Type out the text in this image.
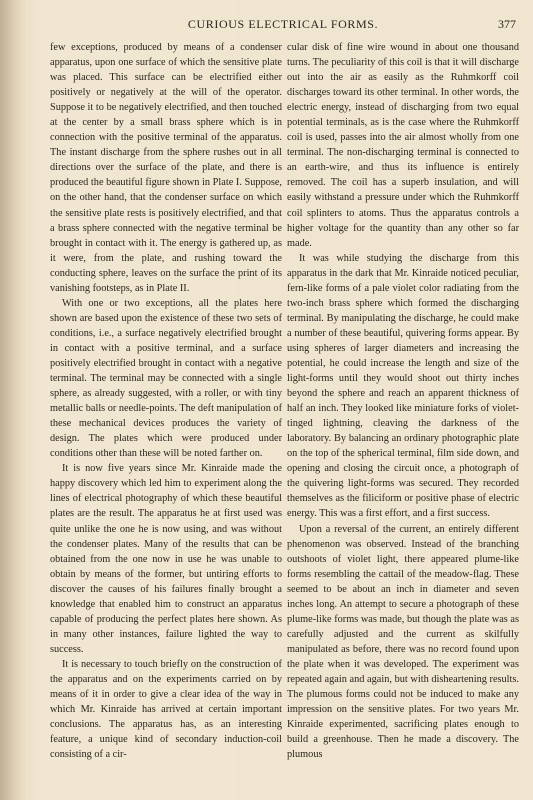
CURIOUS ELECTRICAL FORMS.	377

few exceptions, produced by means of a condenser apparatus, upon one surface of which the sensitive plate was placed. This surface can be electrified either positively or negatively at the will of the operator. Suppose it to be negatively electrified, and then touched at the center by a small brass sphere which is in connection with the positive terminal of the apparatus. The instant discharge from the sphere rushes out in all directions over the surface of the plate, and there is produced the beautiful figure shown in Plate I. Suppose, on the other hand, that the condenser surface on which the sensitive plate rests is positively electrified, and that a brass sphere connected with the negative terminal be brought in contact with it. The energy is gathered up, as it were, from the plate, and rushing toward the conducting sphere, leaves on the surface the print of its vanishing footsteps, as in Plate II.

With one or two exceptions, all the plates here shown are based upon the existence of these two sets of conditions, i.e., a surface negatively electrified brought in contact with a positive terminal, and a surface positively electrified brought in contact with a negative terminal. The terminal may be connected with a single sphere, as already suggested, with a roller, or with tiny metallic balls or needle-points. The deft manipulation of these mechanical devices produces the variety of design. The plates which were produced under conditions other than these will be noted farther on.

It is now five years since Mr. Kinraide made the happy discovery which led him to experiment along the lines of electrical photography of which these beautiful plates are the result. The apparatus he at first used was quite unlike the one he is now using, and was without the condenser plates. Many of the results that can be obtained from the one now in use he was unable to obtain by means of the former, but untiring efforts to discover the causes of his failures finally brought a knowledge that enabled him to construct an apparatus capable of producing the perfect plates here shown. As in many other instances, failure lighted the way to success.

It is necessary to touch briefly on the construction of the apparatus and on the experiments carried on by means of it in order to give a clear idea of the way in which Mr. Kinraide has arrived at certain important conclusions. The apparatus has, as an interesting feature, a unique kind of secondary induction-coil consisting of a cir-

cular disk of fine wire wound in about one thousand turns. The peculiarity of this coil is that it will discharge out into the air as easily as the Ruhmkorff coil discharges toward its other terminal. In other words, the electric energy, instead of discharging from two equal potential terminals, as is the case where the Ruhmkorff coil is used, passes into the air almost wholly from one terminal. The non-discharging terminal is connected to an earth-wire, and thus its influence is entirely removed. The coil has a superb insulation, and will easily withstand a pressure under which the Ruhmkorff coil splinters to atoms. Thus the apparatus controls a higher voltage for the quantity than any other so far made.

It was while studying the discharge from this apparatus in the dark that Mr. Kinraide noticed peculiar, fern-like forms of a pale violet color radiating from the two-inch brass sphere which formed the discharging terminal. By manipulating the discharge, he could make a number of these beautiful, quivering forms appear. By using spheres of larger diameters and increasing the potential, he could increase the length and size of the light-forms until they would shoot out thirty inches beyond the sphere and reach an apparent thickness of half an inch. They looked like miniature forks of violet-tinged lightning, cleaving the darkness of the laboratory. By balancing an ordinary photographic plate on the top of the spherical terminal, film side down, and opening and closing the circuit once, a photograph of the quivering light-forms was secured. They recorded themselves as the filiciform or positive phase of electric energy. This was a first effort, and a first success.

Upon a reversal of the current, an entirely different phenomenon was observed. Instead of the branching outshoots of violet light, there appeared plume-like forms resembling the cattail of the meadow-flag. These seemed to be about an inch in diameter and seven inches long. An attempt to secure a photograph of these plume-like forms was made, but though the plate was as carefully adjusted and the current as skilfully manipulated as before, there was no record found upon the plate when it was developed. The experiment was repeated again and again, but with disheartening results. The plumous forms could not be induced to make any impression on the sensitive plates. For two years Mr. Kinraide experimented, sacrificing plates enough to build a greenhouse. Then he made a discovery. The plumous
